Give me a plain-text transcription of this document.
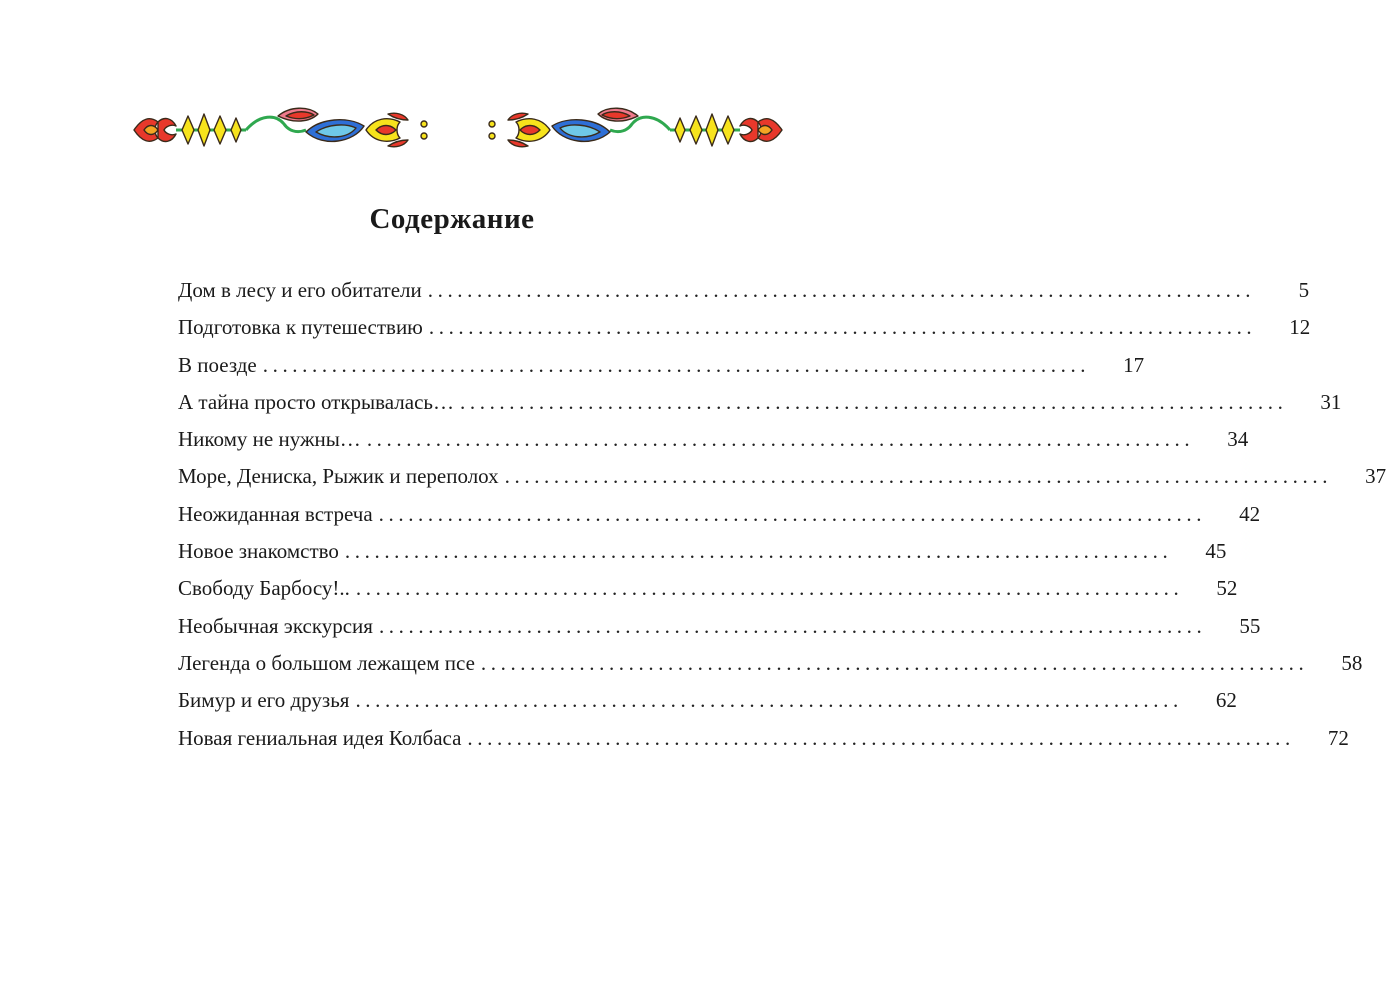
Содержание
Дом в лесу и его обитатели ....................................................................................	5
Подготовка к путешествию ....................................................................................	12
В поезде ....................................................................................	17
А тайна просто открывалась… ....................................................................................	31
Никому не нужны… ....................................................................................	34
Море, Дениска, Рыжик и переполох ....................................................................................	37
Неожиданная встреча ....................................................................................	42
Новое знакомство ....................................................................................	45
Свободу Барбосу!.. ....................................................................................	52
Необычная экскурсия ....................................................................................	55
Легенда о большом лежащем псе ....................................................................................	58
Бимур и его друзья ....................................................................................	62
Новая гениальная идея Колбаса ....................................................................................	72
